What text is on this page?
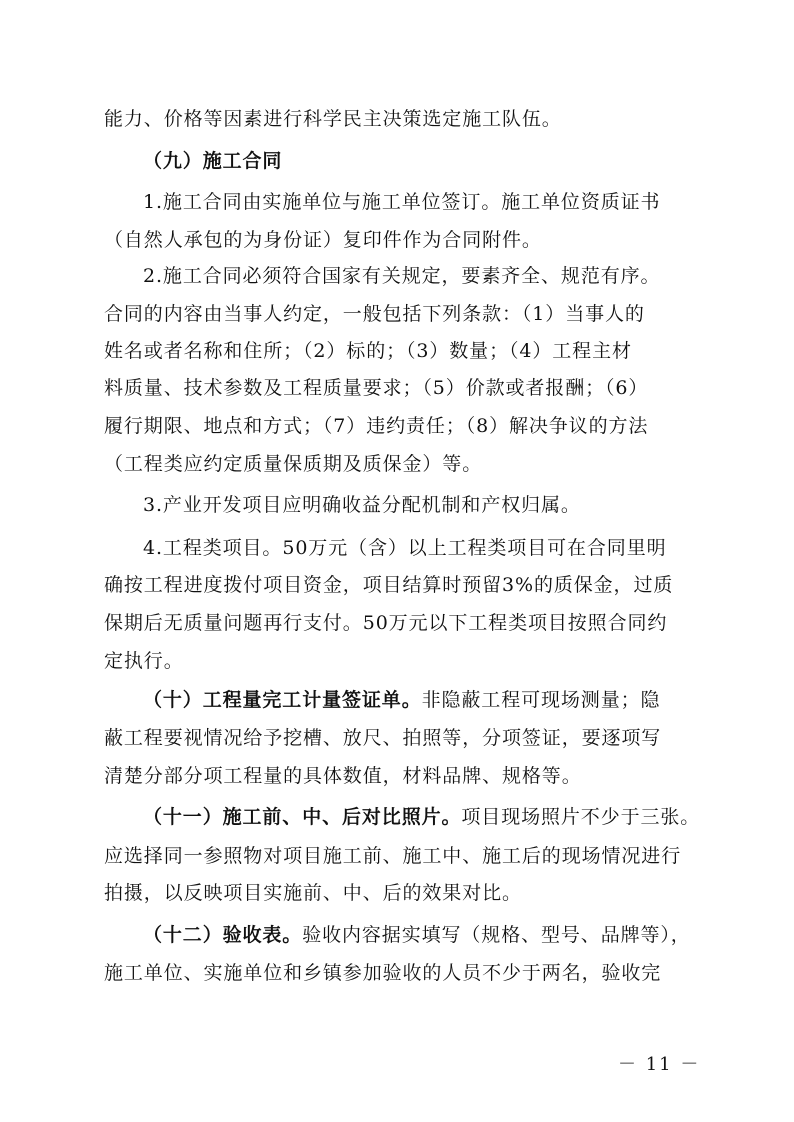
能力、价格等因素进行科学民主决策选定施工队伍。
（九）施工合同
1.施工合同由实施单位与施工单位签订。施工单位资质证书
（自然人承包的为身份证）复印件作为合同附件。
2.施工合同必须符合国家有关规定，要素齐全、规范有序。
合同的内容由当事人约定，一般包括下列条款：（1）当事人的
姓名或者名称和住所；（2）标的；（3）数量；（4）工程主材
料质量、技术参数及工程质量要求；（5）价款或者报酬；（6）
履行期限、地点和方式；（7）违约责任；（8）解决争议的方法
（工程类应约定质量保质期及质保金）等。
3.产业开发项目应明确收益分配机制和产权归属。
4.工程类项目。50万元（含）以上工程类项目可在合同里明
确按工程进度拨付项目资金，项目结算时预留3%的质保金，过质
保期后无质量问题再行支付。50万元以下工程类项目按照合同约
定执行。
（十）工程量完工计量签证单。非隐蔽工程可现场测量；隐
蔽工程要视情况给予挖槽、放尺、拍照等，分项签证，要逐项写
清楚分部分项工程量的具体数值，材料品牌、规格等。
（十一）施工前、中、后对比照片。项目现场照片不少于三张。
应选择同一参照物对项目施工前、施工中、施工后的现场情况进行
拍摄，以反映项目实施前、中、后的效果对比。
（十二）验收表。验收内容据实填写（规格、型号、品牌等），
施工单位、实施单位和乡镇参加验收的人员不少于两名，验收完
－ 11 －
